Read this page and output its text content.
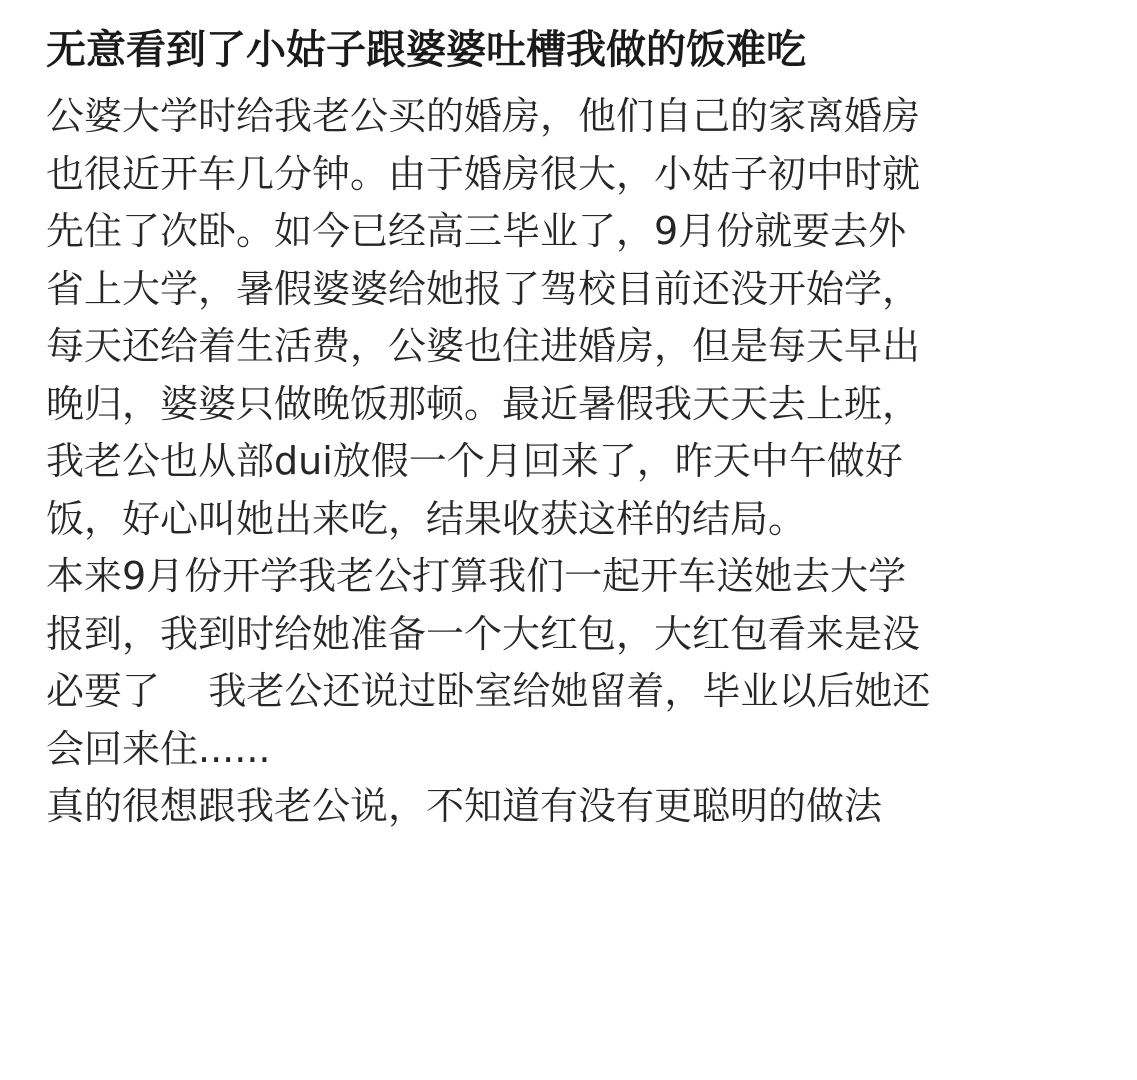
无意看到了小姑子跟婆婆吐槽我做的饭难吃
公婆大学时给我老公买的婚房，他们自己的家离婚房
也很近开车几分钟。由于婚房很大，小姑子初中时就
先住了次卧。如今已经高三毕业了，9月份就要去外
省上大学，暑假婆婆给她报了驾校目前还没开始学，
每天还给着生活费，公婆也住进婚房，但是每天早出
晚归，婆婆只做晚饭那顿。最近暑假我天天去上班，
我老公也从部dui放假一个月回来了，昨天中午做好
饭，好心叫她出来吃，结果收获这样的结局。
本来9月份开学我老公打算我们一起开车送她去大学
报到，我到时给她准备一个大红包，大红包看来是没
必要了    我老公还说过卧室给她留着，毕业以后她还
会回来住......
真的很想跟我老公说，不知道有没有更聪明的做法
